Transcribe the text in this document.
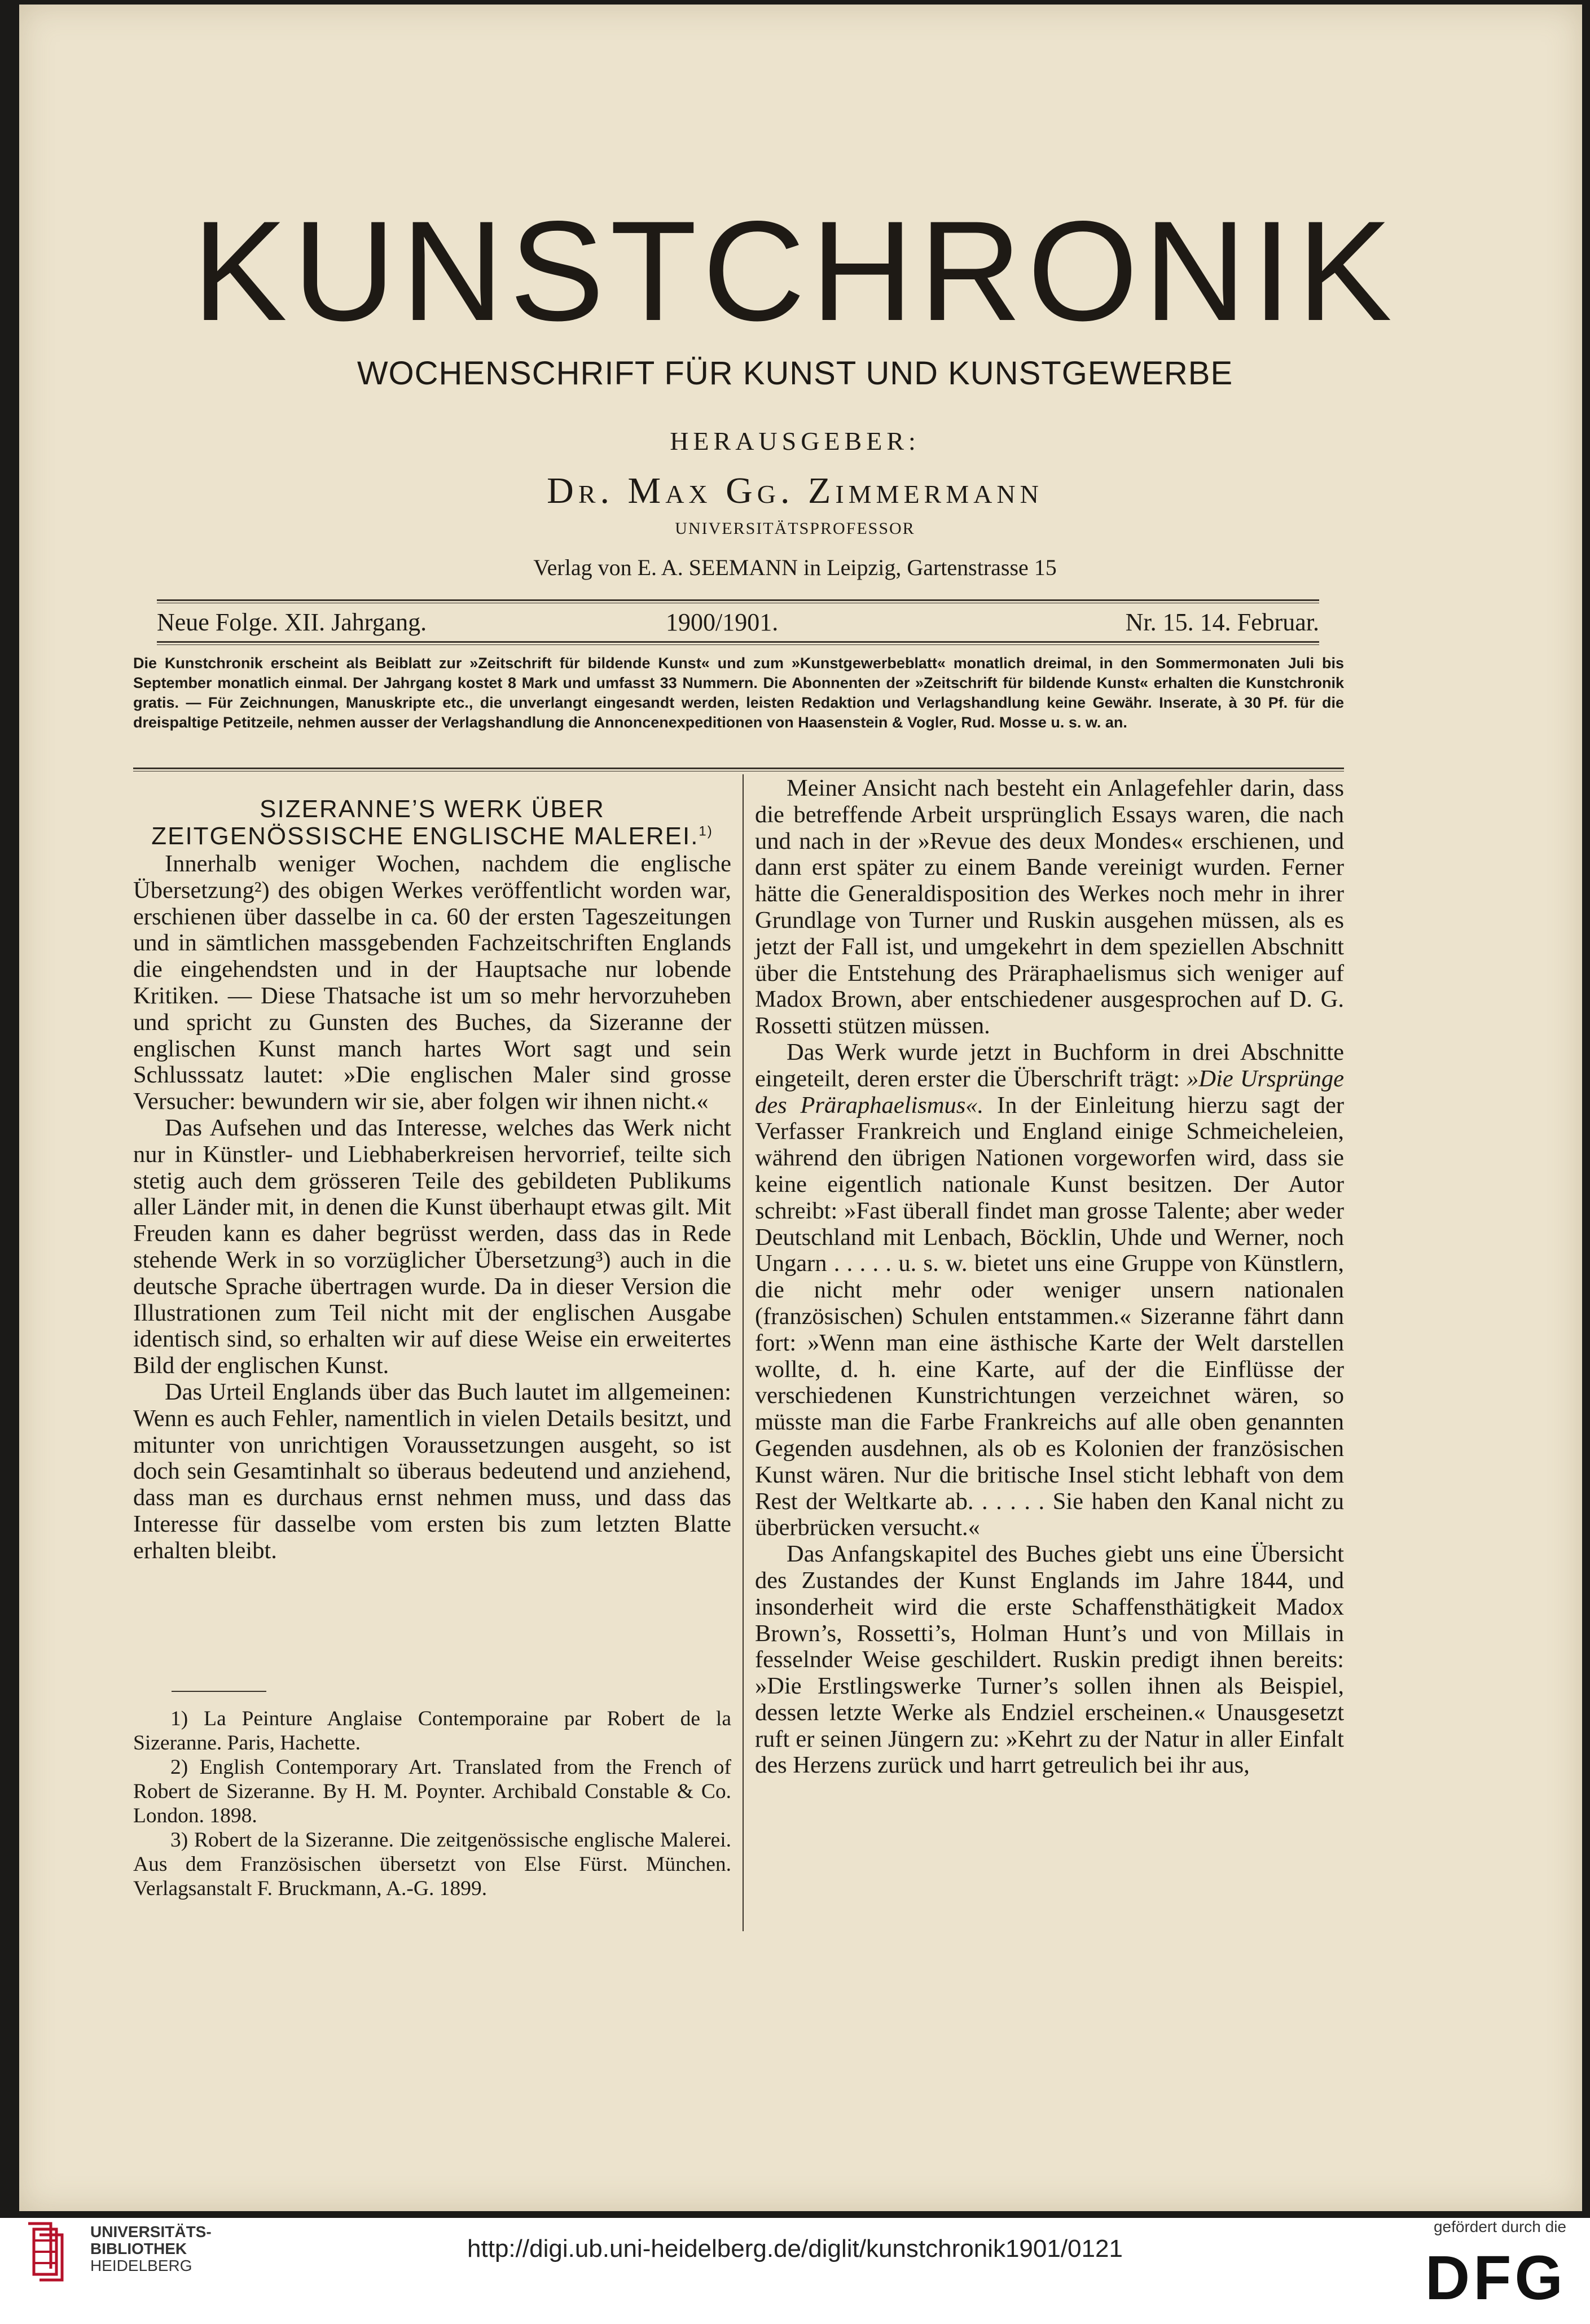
KUNSTCHRONIK
WOCHENSCHRIFT FÜR KUNST UND KUNSTGEWERBE
HERAUSGEBER:
Dr. Max Gg. Zimmermann
UNIVERSITÄTSPROFESSOR
Verlag von E. A. SEEMANN in Leipzig, Gartenstrasse 15
Neue Folge. XII. Jahrgang.	1900/1901.	Nr. 15. 14. Februar.
Die Kunstchronik erscheint als Beiblatt zur »Zeitschrift für bildende Kunst« und zum »Kunstgewerbeblatt« monatlich dreimal, in den Sommermonaten Juli bis September monatlich einmal. Der Jahrgang kostet 8 Mark und umfasst 33 Nummern. Die Abonnenten der »Zeitschrift für bildende Kunst« erhalten die Kunstchronik gratis. — Für Zeichnungen, Manuskripte etc., die unverlangt eingesandt werden, leisten Redaktion und Verlagshandlung keine Gewähr. Inserate, à 30 Pf. für die dreispaltige Petitzeile, nehmen ausser der Verlagshandlung die Annoncenexpeditionen von Haasenstein & Vogler, Rud. Mosse u. s. w. an.
SIZERANNE’S WERK ÜBER ZEITGENÖSSISCHE ENGLISCHE MALEREI.$^{1)}$

Innerhalb weniger Wochen, nachdem die englische Übersetzung²) des obigen Werkes veröffentlicht worden war, erschienen über dasselbe in ca. 60 der ersten Tageszeitungen und in sämtlichen massgebenden Fachzeitschriften Englands die eingehendsten und in der Hauptsache nur lobende Kritiken. — Diese Thatsache ist um so mehr hervorzuheben und spricht zu Gunsten des Buches, da Sizeranne der englischen Kunst manch hartes Wort sagt und sein Schlusssatz lautet: »Die englischen Maler sind grosse Versucher: bewundern wir sie, aber folgen wir ihnen nicht.«

Das Aufsehen und das Interesse, welches das Werk nicht nur in Künstler- und Liebhaberkreisen hervorrief, teilte sich stetig auch dem grösseren Teile des gebildeten Publikums aller Länder mit, in denen die Kunst überhaupt etwas gilt. Mit Freuden kann es daher begrüsst werden, dass das in Rede stehende Werk in so vorzüglicher Übersetzung³) auch in die deutsche Sprache übertragen wurde. Da in dieser Version die Illustrationen zum Teil nicht mit der englischen Ausgabe identisch sind, so erhalten wir auf diese Weise ein erweitertes Bild der englischen Kunst.

Das Urteil Englands über das Buch lautet im allgemeinen: Wenn es auch Fehler, namentlich in vielen Details besitzt, und mitunter von unrichtigen Voraussetzungen ausgeht, so ist doch sein Gesamtinhalt so überaus bedeutend und anziehend, dass man es durchaus ernst nehmen muss, und dass das Interesse für dasselbe vom ersten bis zum letzten Blatte erhalten bleibt.

1) La Peinture Anglaise Contemporaine par Robert de la Sizeranne. Paris, Hachette.

2) English Contemporary Art. Translated from the French of Robert de Sizeranne. By H. M. Poynter. Archibald Constable & Co. London. 1898.

3) Robert de la Sizeranne. Die zeitgenössische englische Malerei. Aus dem Französischen übersetzt von Else Fürst. München. Verlagsanstalt F. Bruckmann, A.-G. 1899.

Meiner Ansicht nach besteht ein Anlagefehler darin, dass die betreffende Arbeit ursprünglich Essays waren, die nach und nach in der »Revue des deux Mondes« erschienen, und dann erst später zu einem Bande vereinigt wurden. Ferner hätte die Generaldisposition des Werkes noch mehr in ihrer Grundlage von Turner und Ruskin ausgehen müssen, als es jetzt der Fall ist, und umgekehrt in dem speziellen Abschnitt über die Entstehung des Präraphaelismus sich weniger auf Madox Brown, aber entschiedener ausgesprochen auf D. G. Rossetti stützen müssen.

Das Werk wurde jetzt in Buchform in drei Abschnitte eingeteilt, deren erster die Überschrift trägt: »Die Ursprünge des Präraphaelismus«. In der Einleitung hierzu sagt der Verfasser Frankreich und England einige Schmeicheleien, während den übrigen Nationen vorgeworfen wird, dass sie keine eigentlich nationale Kunst besitzen. Der Autor schreibt: »Fast überall findet man grosse Talente; aber weder Deutschland mit Lenbach, Böcklin, Uhde und Werner, noch Ungarn . . . . . u. s. w. bietet uns eine Gruppe von Künstlern, die nicht mehr oder weniger unsern nationalen (französischen) Schulen entstammen.« Sizeranne fährt dann fort: »Wenn man eine ästhische Karte der Welt darstellen wollte, d. h. eine Karte, auf der die Einflüsse der verschiedenen Kunstrichtungen verzeichnet wären, so müsste man die Farbe Frankreichs auf alle oben genannten Gegenden ausdehnen, als ob es Kolonien der französischen Kunst wären. Nur die britische Insel sticht lebhaft von dem Rest der Weltkarte ab. . . . . . Sie haben den Kanal nicht zu überbrücken versucht.«

Das Anfangskapitel des Buches giebt uns eine Übersicht des Zustandes der Kunst Englands im Jahre 1844, und insonderheit wird die erste Schaffensthätigkeit Madox Brown’s, Rossetti’s, Holman Hunt’s und von Millais in fesselnder Weise geschildert. Ruskin predigt ihnen bereits: »Die Erstlingswerke Turner’s sollen ihnen als Beispiel, dessen letzte Werke als Endziel erscheinen.« Unausgesetzt ruft er seinen Jüngern zu: »Kehrt zu der Natur in aller Einfalt des Herzens zurück und harrt getreulich bei ihr aus,

UNIVERSITÄTS-
BIBLIOTHEK
HEIDELBERG
http://digi.ub.uni-heidelberg.de/diglit/kunstchronik1901/0121
gefördert durch die
DFG
